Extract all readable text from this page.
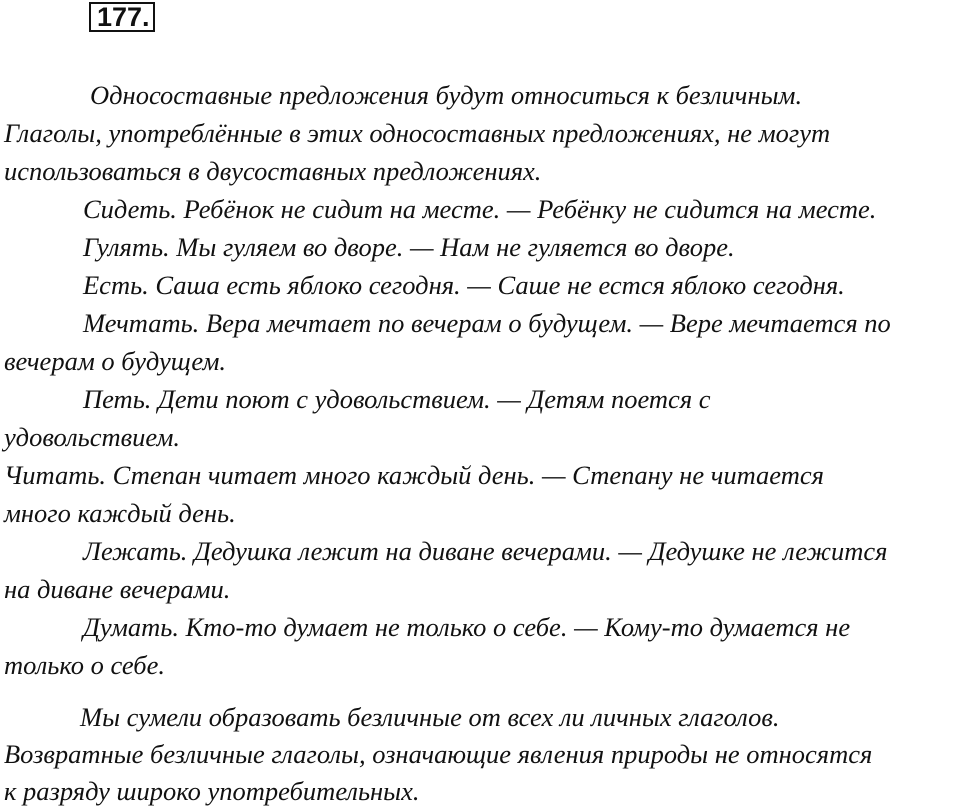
177.
Односоставные предложения будут относиться к безличным.
Глаголы, употреблённые в этих односоставных предложениях, не могут
использоваться в двусоставных предложениях.
Сидеть. Ребёнок не сидит на месте. — Ребёнку не сидится на месте.
Гулять. Мы гуляем во дворе. — Нам не гуляется во дворе.
Есть. Саша есть яблоко сегодня. — Саше не естся яблоко сегодня.
Мечтать. Вера мечтает по вечерам о будущем. — Вере мечтается по
вечерам о будущем.
Петь. Дети поют с удовольствием. — Детям поется с
удовольствием.
Читать. Степан читает много каждый день. — Степану не читается
много каждый день.
Лежать. Дедушка лежит на диване вечерами. — Дедушке не лежится
на диване вечерами.
Думать. Кто-то думает не только о себе. — Кому-то думается не
только о себе.
Мы сумели образовать безличные от всех ли личных глаголов.
Возвратные безличные глаголы, означающие явления природы не относятся
к разряду широко употребительных.
